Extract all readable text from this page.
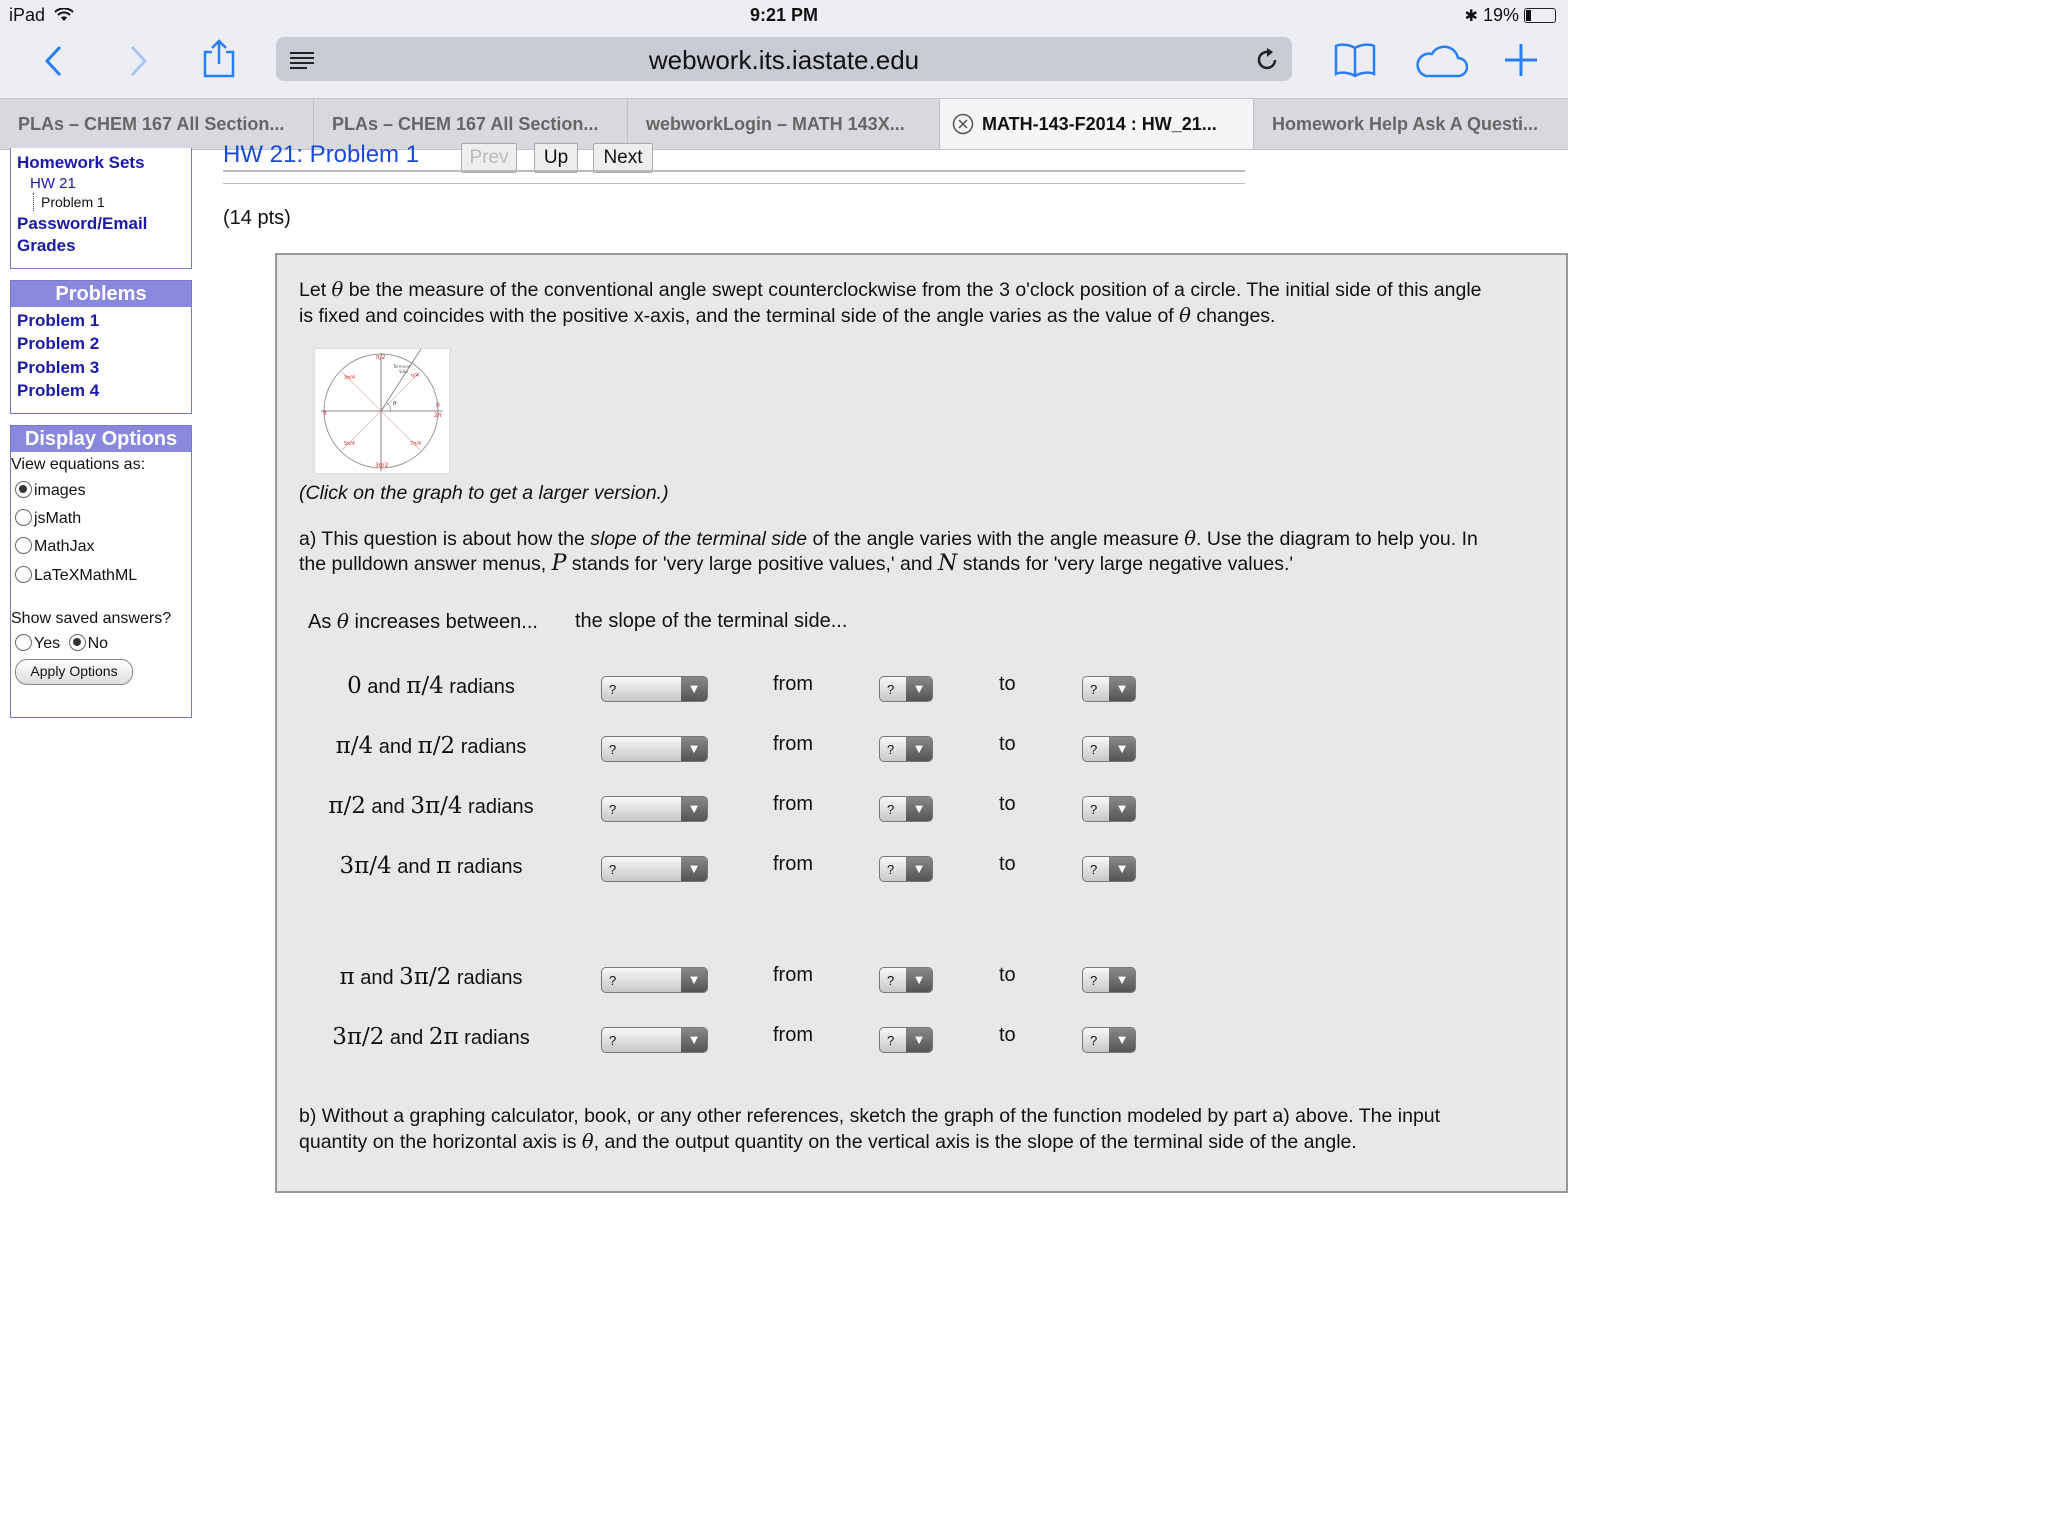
iPad	9:21 PM	✱ 19%
webwork.its.iastate.edu
PLAs – CHEM 167 All Section...	PLAs – CHEM 167 All Section...	webworkLogin – MATH 143X...	MATH-143-F2014 : HW_21...	Homework Help Ask A Questi...
Homework Sets
HW 21
Problem 1
Password/Email
Grades
Problems
Problem 1
Problem 2
Problem 3
Problem 4
Display Options
View equations as:
images
jsMath
MathJax
LaTeXMathML
Show saved answers?
Yes No
Apply Options
HW 21: Problem 1	Prev	Up	Next
(14 pts)
Let θ be the measure of the conventional angle swept counterclockwise from the 3 o'clock position of a circle. The initial side of this angle
is fixed and coincides with the positive x-axis, and the terminal side of the angle varies as the value of θ changes.
π/2
π
0
2π
3π/2
π/4
3π/4
5π/4	7π/4
Terminal
Side
θ
(Click on the graph to get a larger version.)
a) This question is about how the slope of the terminal side of the angle varies with the angle measure θ. Use the diagram to help you. In
the pulldown answer menus, P stands for 'very large positive values,' and N stands for 'very large negative values.'
As θ increases between... the slope of the terminal side...
0 and π/4 radians	?	▼	from	?	▼	to	?	▼
π/4 and π/2 radians	?	▼	from	?	▼	to	?	▼
π/2 and 3π/4 radians	?	▼	from	?	▼	to	?	▼
3π/4 and π radians	?	▼	from	?	▼	to	?	▼
π and 3π/2 radians	?	▼	from	?	▼	to	?	▼
3π/2 and 2π radians	?	▼	from	?	▼	to	?	▼
b) Without a graphing calculator, book, or any other references, sketch the graph of the function modeled by part a) above. The input
quantity on the horizontal axis is θ, and the output quantity on the vertical axis is the slope of the terminal side of the angle.
